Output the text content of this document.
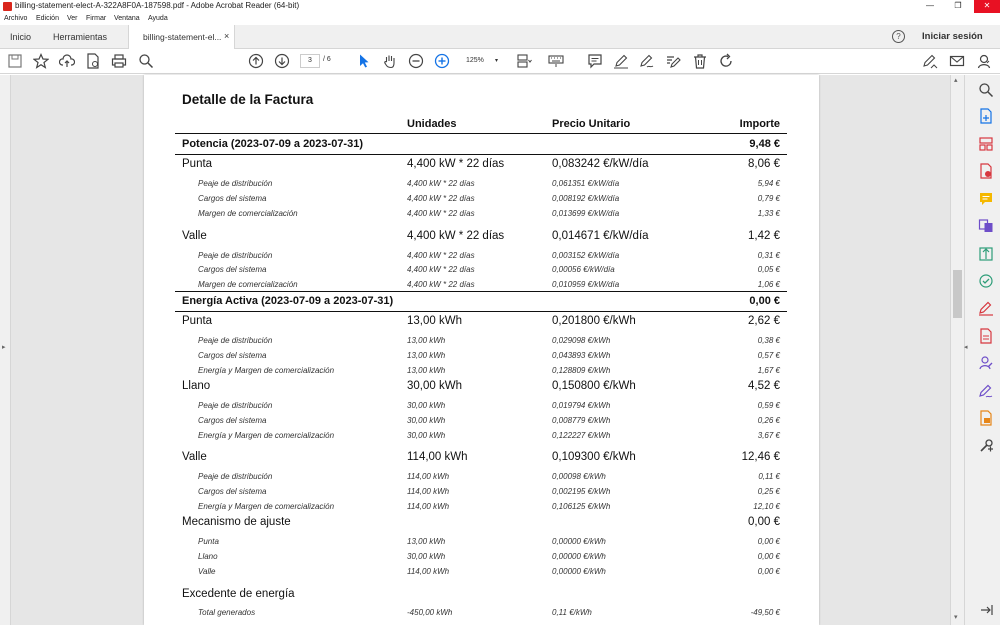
billing-statement-elect-A-322A8F0A-187598.pdf - Adobe Acrobat Reader (64-bit)	—	❐	✕
Archivo Edición Ver Firmar Ventana Ayuda
Inicio Herramientas	billing-statement-el... ×	?	Iniciar sesión
3	/ 6	125% ▾
▸
▴
▾
◂
Detalle de la Factura
Unidades	Precio Unitario	Importe
Potencia (2023-07-09 a 2023-07-31)	9,48 €
Punta	4,400 kW * 22 días	0,083242 €/kW/día	8,06 €
Peaje de distribución	4,400 kW * 22 días	0,061351 €/kW/día	5,94 €
Cargos del sistema	4,400 kW * 22 días	0,008192 €/kW/día	0,79 €
Margen de comercialización	4,400 kW * 22 días	0,013699 €/kW/día	1,33 €
Valle	4,400 kW * 22 días	0,014671 €/kW/día	1,42 €
Peaje de distribución	4,400 kW * 22 días	0,003152 €/kW/día	0,31 €
Cargos del sistema	4,400 kW * 22 días	0,00056 €/kW/día	0,05 €
Margen de comercialización	4,400 kW * 22 días	0,010959 €/kW/día	1,06 €
Energía Activa (2023-07-09 a 2023-07-31)	0,00 €
Punta	13,00 kWh	0,201800 €/kWh	2,62 €
Peaje de distribución	13,00 kWh	0,029098 €/kWh	0,38 €
Cargos del sistema	13,00 kWh	0,043893 €/kWh	0,57 €
Energía y Margen de comercialización	13,00 kWh	0,128809 €/kWh	1,67 €
Llano	30,00 kWh	0,150800 €/kWh	4,52 €
Peaje de distribución	30,00 kWh	0,019794 €/kWh	0,59 €
Cargos del sistema	30,00 kWh	0,008779 €/kWh	0,26 €
Energía y Margen de comercialización	30,00 kWh	0,122227 €/kWh	3,67 €
Valle	114,00 kWh	0,109300 €/kWh	12,46 €
Peaje de distribución	114,00 kWh	0,00098 €/kWh	0,11 €
Cargos del sistema	114,00 kWh	0,002195 €/kWh	0,25 €
Energía y Margen de comercialización	114,00 kWh	0,106125 €/kWh	12,10 €
Mecanismo de ajuste	0,00 €
Punta	13,00 kWh	0,00000 €/kWh	0,00 €
Llano	30,00 kWh	0,00000 €/kWh	0,00 €
Valle	114,00 kWh	0,00000 €/kWh	0,00 €
Excedente de energía
Total generados	-450,00 kWh	0,11 €/kWh	-49,50 €
